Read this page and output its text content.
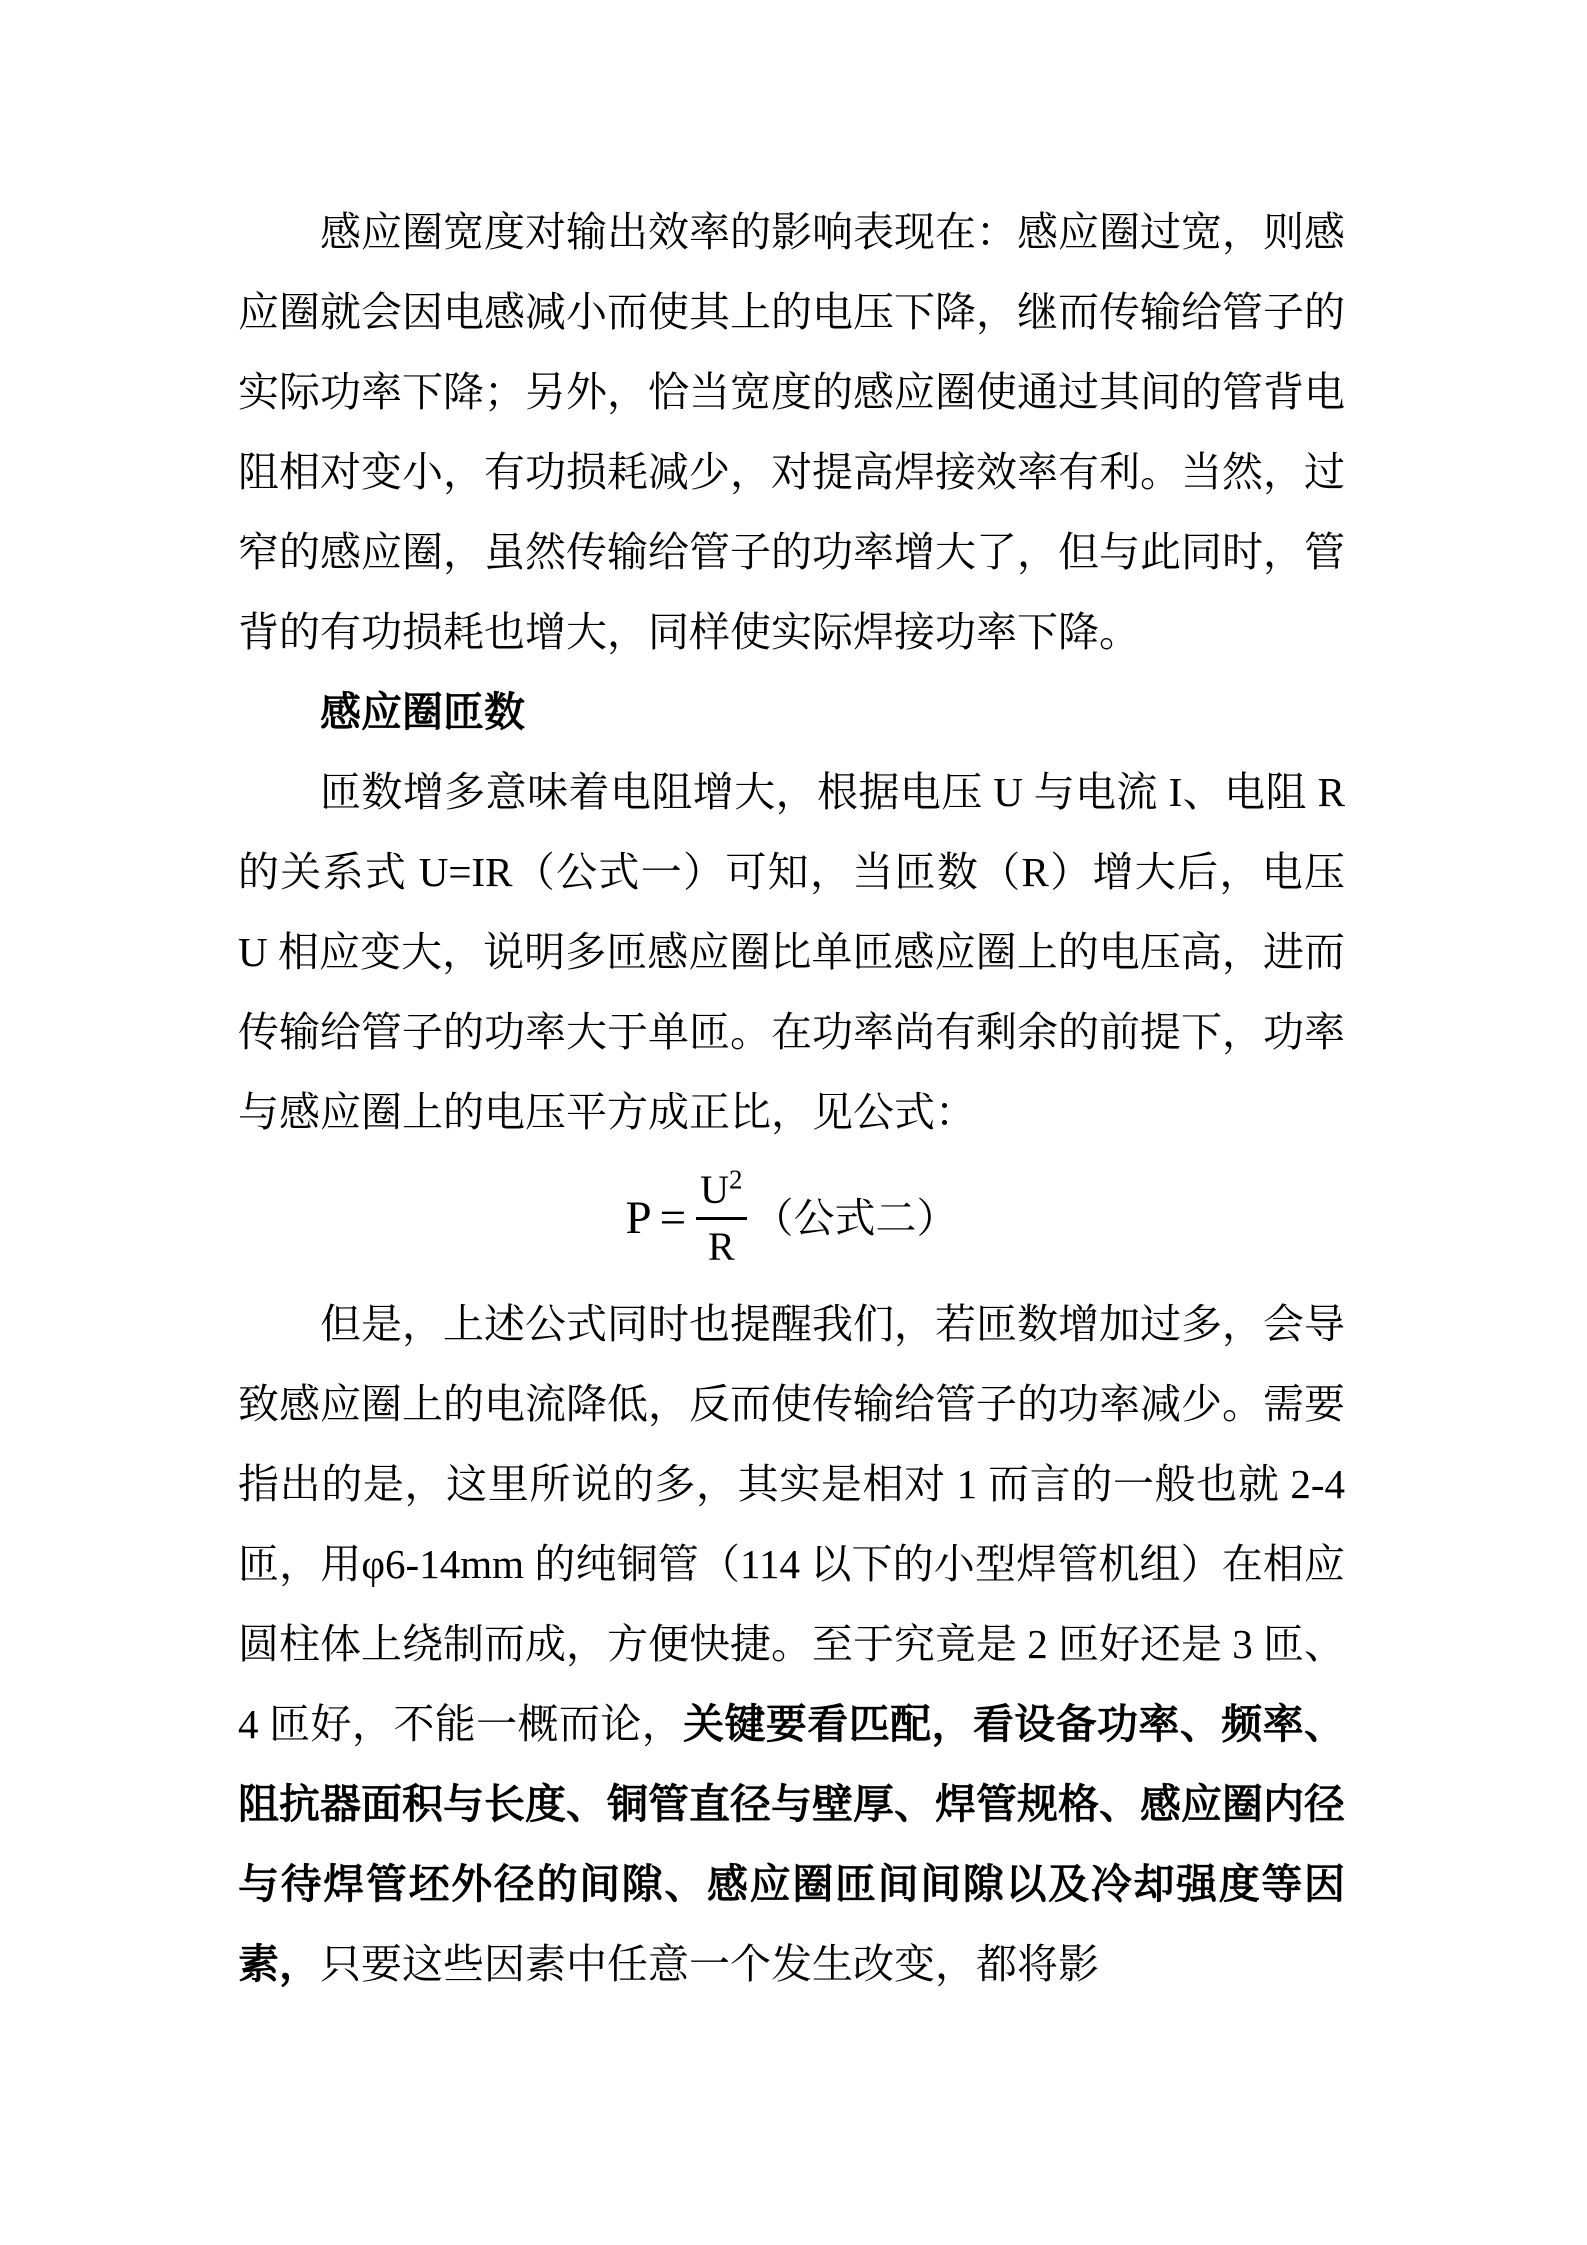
感应圈宽度对输出效率的影响表现在：感应圈过宽，则感应圈就会因电感减小而使其上的电压下降，继而传输给管子的实际功率下降；另外，恰当宽度的感应圈使通过其间的管背电阻相对变小，有功损耗减少，对提高焊接效率有利。当然，过窄的感应圈，虽然传输给管子的功率增大了，但与此同时，管背的有功损耗也增大，同样使实际焊接功率下降。

感应圈匝数

匝数增多意味着电阻增大，根据电压 U 与电流 I、电阻 R 的关系式 U=IR（公式一）可知，当匝数（R）增大后，电压 U 相应变大，说明多匝感应圈比单匝感应圈上的电压高，进而传输给管子的功率大于单匝。在功率尚有剩余的前提下，功率与感应圈上的电压平方成正比，见公式：

$P = \frac{U^2}{R}$ （公式二）

但是，上述公式同时也提醒我们，若匝数增加过多，会导致感应圈上的电流降低，反而使传输给管子的功率减少。需要指出的是，这里所说的多，其实是相对 1 而言的一般也就 2-4 匝，用φ6-14mm 的纯铜管（114 以下的小型焊管机组）在相应圆柱体上绕制而成，方便快捷。至于究竟是 2 匝好还是 3 匝、4 匝好，不能一概而论，关键要看匹配，看设备功率、频率、阻抗器面积与长度、铜管直径与壁厚、焊管规格、感应圈内径与待焊管坯外径的间隙、感应圈匝间间隙以及冷却强度等因素，只要这些因素中任意一个发生改变，都将影
